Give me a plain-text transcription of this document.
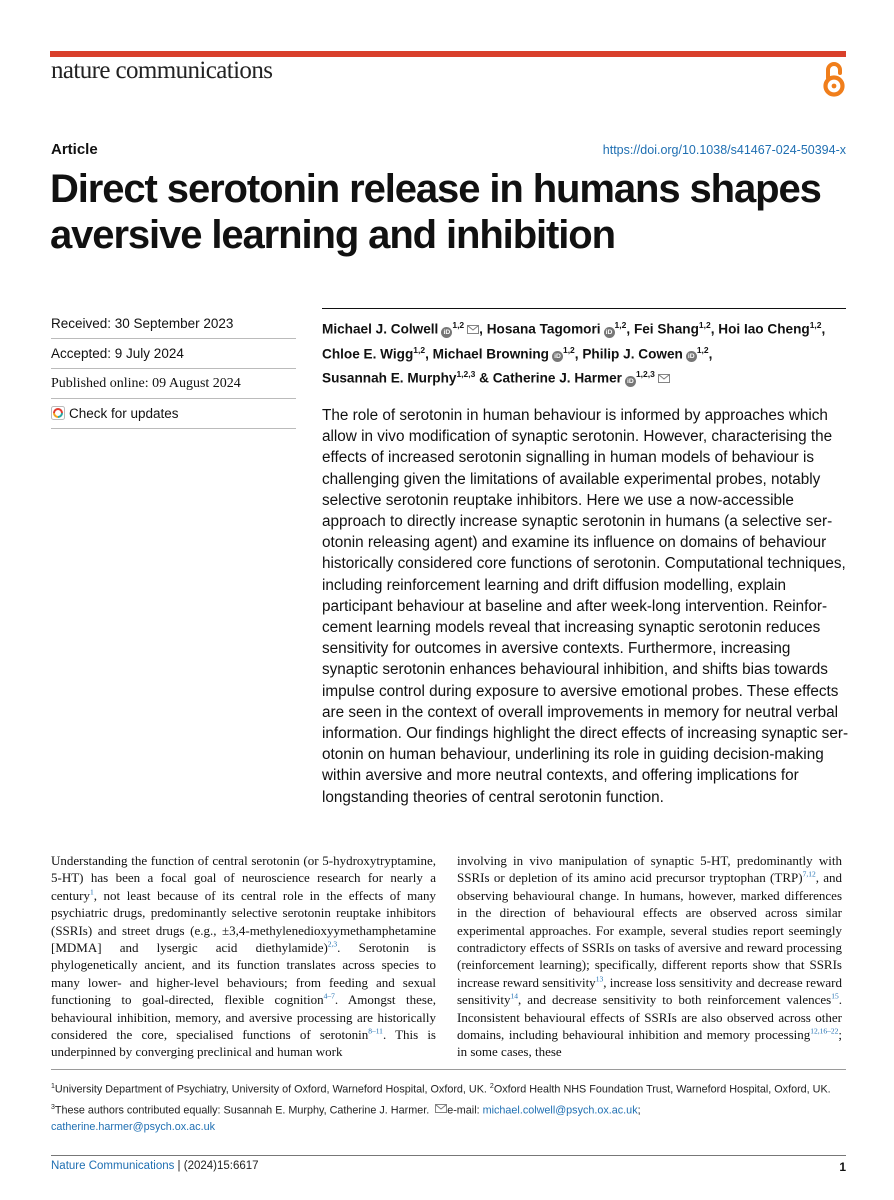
nature communications
Article	https://doi.org/10.1038/s41467-024-50394-x
Direct serotonin release in humans shapes aversive learning and inhibition
Received: 30 September 2023
Accepted: 9 July 2024
Published online: 09 August 2024
Check for updates

Michael J. Colwell iD$^{1,2}$ , Hosana Tagomori iD$^{1,2}$, Fei Shang$^{1,2}$, Hoi Iao Cheng$^{1,2}$,
Chloe E. Wigg$^{1,2}$, Michael Browning iD$^{1,2}$, Philip J. Cowen iD$^{1,2}$,
Susannah E. Murphy$^{1,2,3}$ & Catherine J. Harmer iD$^{1,2,3}$

The role of serotonin in human behaviour is informed by approaches which allow in vivo modification of synaptic serotonin. However, characterising the effects of increased serotonin signalling in human models of behaviour is challenging given the limitations of available experimental probes, notably selective serotonin reuptake inhibitors. Here we use a now-accessible approach to directly increase synaptic serotonin in humans (a selective serotonin releasing agent) and examine its influence on domains of behaviour historically considered core functions of serotonin. Computational techniques, including reinforcement learning and drift diffusion modelling, explain participant behaviour at baseline and after week-long intervention. Reinforcement learning models reveal that increasing synaptic serotonin reduces sensitivity for outcomes in aversive contexts. Furthermore, increasing synaptic serotonin enhances behavioural inhibition, and shifts bias towards impulse control during exposure to aversive emotional probes. These effects are seen in the context of overall improvements in memory for neutral verbal information. Our findings highlight the direct effects of increasing synaptic serotonin on human behaviour, underlining its role in guiding decision-making within aversive and more neutral contexts, and offering implications for longstanding theories of central serotonin function.

Understanding the function of central serotonin (or 5-hydroxytryptamine, 5-HT) has been a focal goal of neuroscience research for nearly a century$^1$, not least because of its central role in the effects of many psychiatric drugs, predominantly selective serotonin reuptake inhibitors (SSRIs) and street drugs (e.g., ±3,4-methylenedioxyymethamphetamine [MDMA] and lysergic acid diethylamide)$^{2,3}$. Serotonin is phylogenetically ancient, and its function translates across species to many lower- and higher-level behaviours; from feeding and sexual functioning to goal-directed, flexible cognition$^{4-7}$. Amongst these, behavioural inhibition, memory, and aversive processing are historically considered the core, specialised functions of serotonin$^{8-11}$. This is underpinned by converging preclinical and human work

involving in vivo manipulation of synaptic 5-HT, predominantly with SSRIs or depletion of its amino acid precursor tryptophan (TRP)$^{7,12}$, and observing behavioural change. In humans, however, marked differences in the direction of behavioural effects are observed across similar experimental approaches. For example, several studies report seemingly contradictory effects of SSRIs on tasks of aversive and reward processing (reinforcement learning); specifically, different reports show that SSRIs increase reward sensitivity$^{13}$, increase loss sensitivity and decrease reward sensitivity$^{14}$, and decrease sensitivity to both reinforcement valences$^{15}$. Inconsistent behavioural effects of SSRIs are also observed across other domains, including behavioural inhibition and memory processing$^{12,16-22}$; in some cases, these

$^1$University Department of Psychiatry, University of Oxford, Warneford Hospital, Oxford, UK. $^2$Oxford Health NHS Foundation Trust, Warneford Hospital, Oxford, UK. $^3$These authors contributed equally: Susannah E. Murphy, Catherine J. Harmer. e-mail: michael.colwell@psych.ox.ac.uk;
catherine.harmer@psych.ox.ac.uk

Nature Communications | (2024)15:6617	1
